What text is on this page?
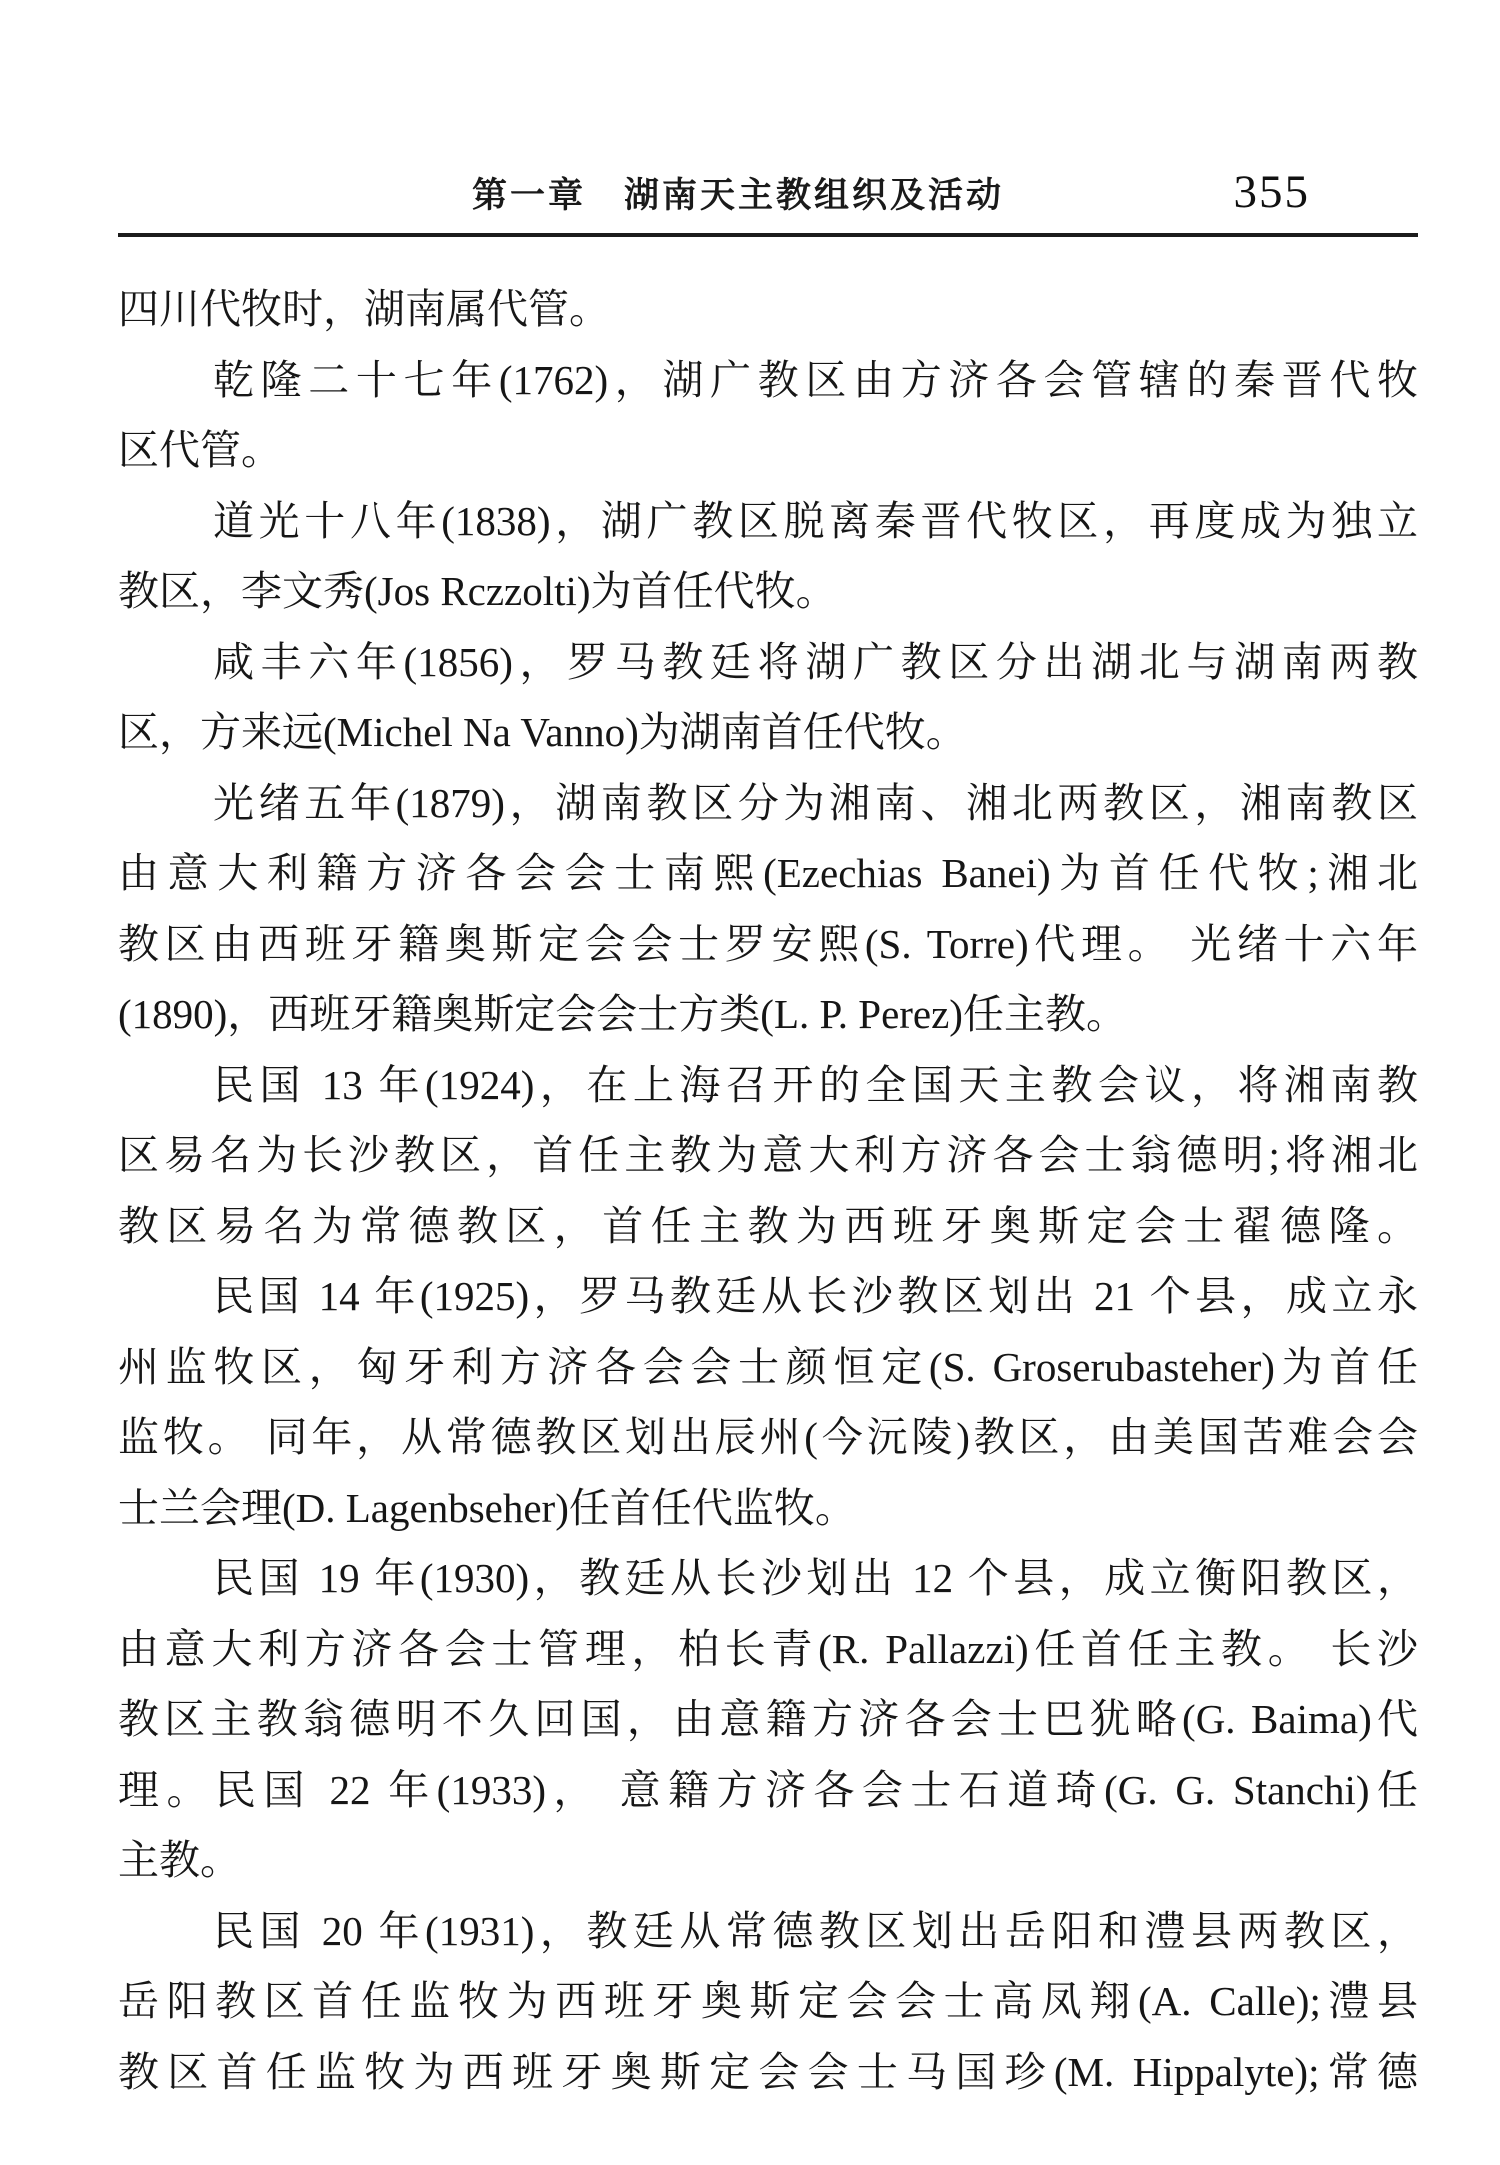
第一章　湖南天主教组织及活动	355
四川代牧时，湖南属代管。
乾隆二十七年(1762)，湖广教区由方济各会管辖的秦晋代牧
区代管。
道光十八年(1838)，湖广教区脱离秦晋代牧区，再度成为独立
教区，李文秀(Jos Rczzolti)为首任代牧。
咸丰六年(1856)，罗马教廷将湖广教区分出湖北与湖南两教
区，方来远(Michel Na Vanno)为湖南首任代牧。
光绪五年(1879)，湖南教区分为湘南、湘北两教区，湘南教区
由意大利籍方济各会会士南熙(Ezechias Banei)为首任代牧;湘北
教区由西班牙籍奥斯定会会士罗安熙(S. Torre)代理。 光绪十六年
(1890)，西班牙籍奥斯定会会士方类(L. P. Perez)任主教。
民国 13 年(1924)，在上海召开的全国天主教会议，将湘南教
区易名为长沙教区，首任主教为意大利方济各会士翁德明;将湘北
教区易名为常德教区，首任主教为西班牙奥斯定会士翟德隆。
民国 14 年(1925)，罗马教廷从长沙教区划出 21 个县，成立永
州监牧区，匈牙利方济各会会士颜恒定(S. Groserubasteher)为首任
监牧。 同年，从常德教区划出辰州(今沅陵)教区，由美国苦难会会
士兰会理(D. Lagenbseher)任首任代监牧。
民国 19 年(1930)，教廷从长沙划出 12 个县，成立衡阳教区，
由意大利方济各会士管理，柏长青(R. Pallazzi)任首任主教。 长沙
教区主教翁德明不久回国，由意籍方济各会士巴犹略(G. Baima)代
理。民国 22 年(1933)， 意籍方济各会士石道琦(G. G. Stanchi)任
主教。
民国 20 年(1931)，教廷从常德教区划出岳阳和澧县两教区，
岳阳教区首任监牧为西班牙奥斯定会会士高凤翔(A. Calle);澧县
教区首任监牧为西班牙奥斯定会会士马国珍(M. Hippalyte);常德
